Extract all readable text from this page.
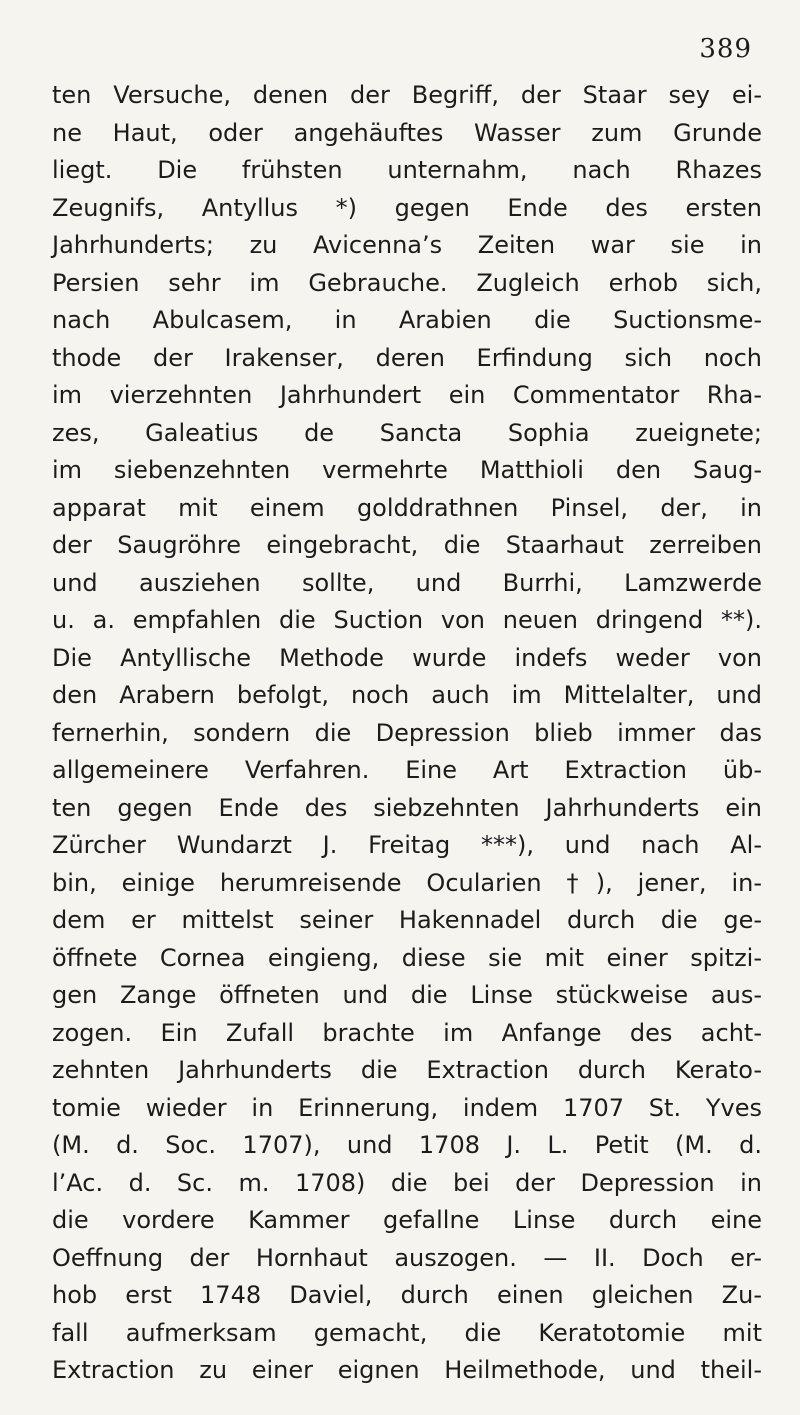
389
ten Versuche, denen der Begriff, der Staar sey ei-
ne Haut, oder angehäuftes Wasser zum Grunde
liegt. Die frühsten unternahm, nach Rhazes
Zeugnifs, Antyllus *) gegen Ende des ersten
Jahrhunderts; zu Avicenna’s Zeiten war sie in
Persien sehr im Gebrauche. Zugleich erhob sich,
nach Abulcasem, in Arabien die Suctionsme-
thode der Irakenser, deren Erfindung sich noch
im vierzehnten Jahrhundert ein Commentator Rha-
zes, Galeatius de Sancta Sophia zueignete;
im siebenzehnten vermehrte Matthioli den Saug-
apparat mit einem golddrathnen Pinsel, der, in
der Saugröhre eingebracht, die Staarhaut zerreiben
und ausziehen sollte, und Burrhi, Lamzwerde
u. a. empfahlen die Suction von neuen dringend **).
Die Antyllische Methode wurde indefs weder von
den Arabern befolgt, noch auch im Mittelalter, und
fernerhin, sondern die Depression blieb immer das
allgemeinere Verfahren. Eine Art Extraction üb-
ten gegen Ende des siebzehnten Jahrhunderts ein
Zürcher Wundarzt J. Freitag ***), und nach Al-
bin, einige herumreisende Ocularien †), jener, in-
dem er mittelst seiner Hakennadel durch die ge-
öffnete Cornea eingieng, diese sie mit einer spitzi-
gen Zange öffneten und die Linse stückweise aus-
zogen. Ein Zufall brachte im Anfange des acht-
zehnten Jahrhunderts die Extraction durch Kerato-
tomie wieder in Erinnerung, indem 1707 St. Yves
(M. d. Soc. 1707), und 1708 J. L. Petit (M. d.
l’Ac. d. Sc. m. 1708) die bei der Depression in
die vordere Kammer gefallne Linse durch eine
Oeffnung der Hornhaut auszogen. — II. Doch er-
hob erst 1748 Daviel, durch einen gleichen Zu-
fall aufmerksam gemacht, die Keratotomie mit
Extraction zu einer eignen Heilmethode, und theil-
